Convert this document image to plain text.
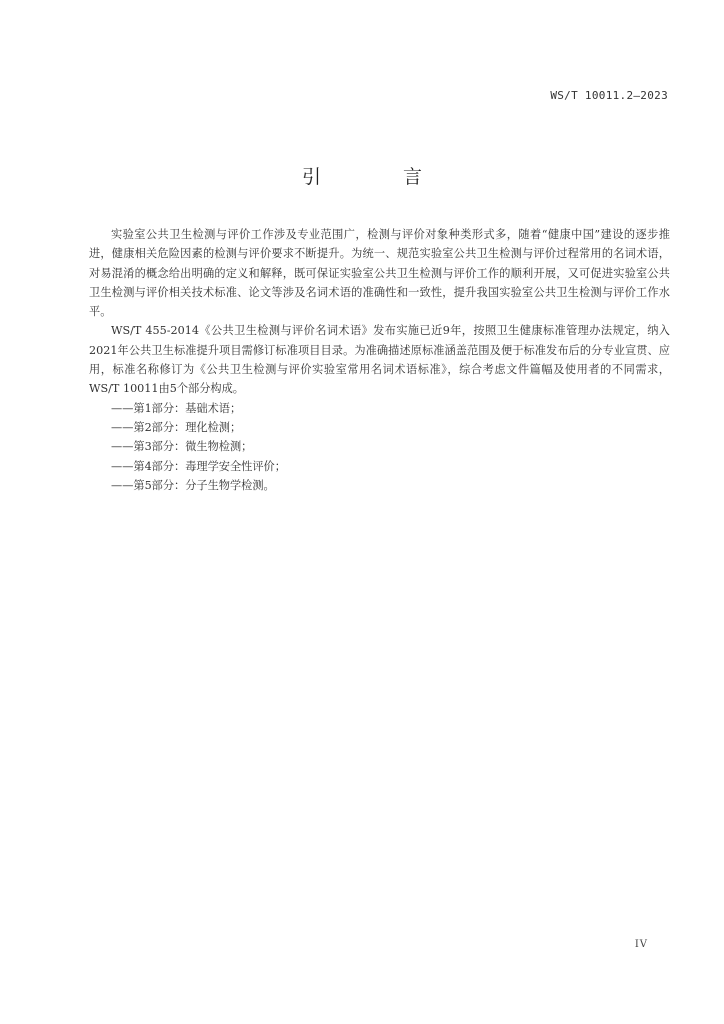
WS/T 10011.2—2023
引 言

实验室公共卫生检测与评价工作涉及专业范围广，检测与评价对象种类形式多，随着“健康中国”建设的逐步推进，健康相关危险因素的检测与评价要求不断提升。为统一、规范实验室公共卫生检测与评价过程常用的名词术语，对易混淆的概念给出明确的定义和解释，既可保证实验室公共卫生检测与评价工作的顺利开展，又可促进实验室公共卫生检测与评价相关技术标准、论文等涉及名词术语的准确性和一致性，提升我国实验室公共卫生检测与评价工作水平。

WS/T 455-2014《公共卫生检测与评价名词术语》发布实施已近9年，按照卫生健康标准管理办法规定，纳入2021年公共卫生标准提升项目需修订标准项目目录。为准确描述原标准涵盖范围及便于标准发布后的分专业宣贯、应用，标准名称修订为《公共卫生检测与评价实验室常用名词术语标准》，综合考虑文件篇幅及使用者的不同需求，WS/T 10011由5个部分构成。

——第1部分：基础术语；
——第2部分：理化检测；
——第3部分：微生物检测；
——第4部分：毒理学安全性评价；
——第5部分：分子生物学检测。
IV
